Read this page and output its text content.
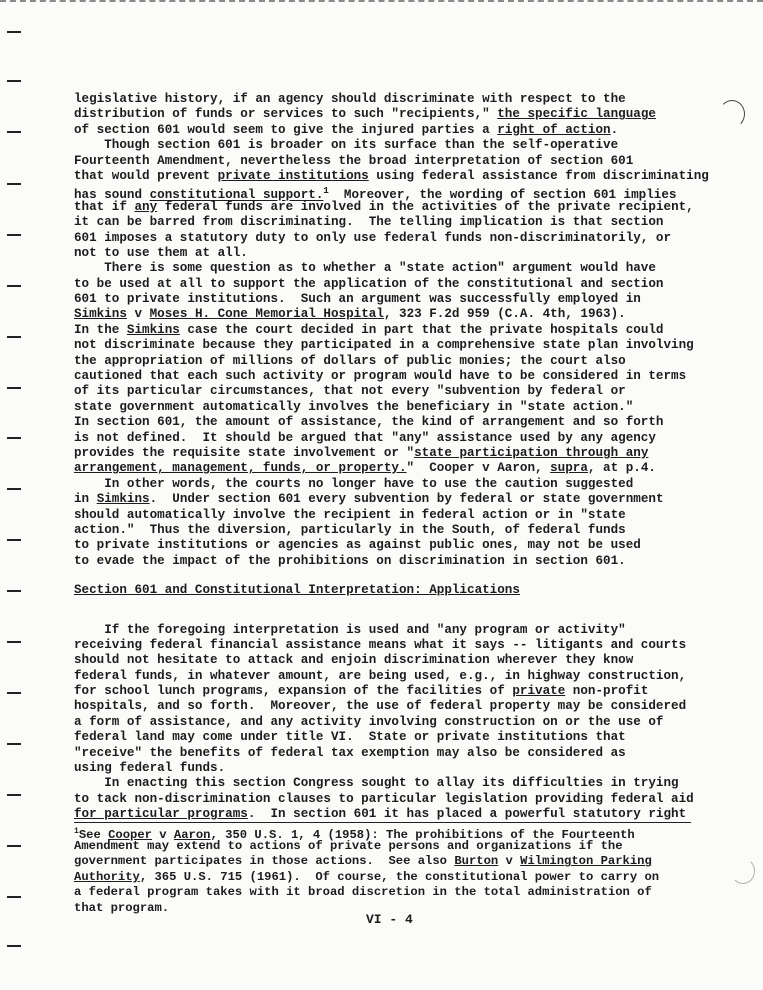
legislative history, if an agency should discriminate with respect to the
distribution of funds or services to such "recipients," the specific language
of section 601 would seem to give the injured parties a right of action.
Though section 601 is broader on its surface than the self-operative
Fourteenth Amendment, nevertheless the broad interpretation of section 601
that would prevent private institutions using federal assistance from discriminating
has sound constitutional support.$^1$  Moreover, the wording of section 601 implies
that if any federal funds are involved in the activities of the private recipient,
it can be barred from discriminating.  The telling implication is that section
601 imposes a statutory duty to only use federal funds non-discriminatorily, or
not to use them at all.
There is some question as to whether a "state action" argument would have
to be used at all to support the application of the constitutional and section
601 to private institutions.  Such an argument was successfully employed in
Simkins v Moses H. Cone Memorial Hospital, 323 F.2d 959 (C.A. 4th, 1963).
In the Simkins case the court decided in part that the private hospitals could
not discriminate because they participated in a comprehensive state plan involving
the appropriation of millions of dollars of public monies; the court also
cautioned that each such activity or program would have to be considered in terms
of its particular circumstances, that not every "subvention by federal or
state government automatically involves the beneficiary in "state action."
In section 601, the amount of assistance, the kind of arrangement and so forth
is not defined.  It should be argued that "any" assistance used by any agency
provides the requisite state involvement or "state participation through any
arrangement, management, funds, or property."  Cooper v Aaron, supra, at p.4.
In other words, the courts no longer have to use the caution suggested
in Simkins.  Under section 601 every subvention by federal or state government
should automatically involve the recipient in federal action or in "state
action."  Thus the diversion, particularly in the South, of federal funds
to private institutions or agencies as against public ones, may not be used
to evade the impact of the prohibitions on discrimination in section 601.
Section 601 and Constitutional Interpretation: Applications
If the foregoing interpretation is used and "any program or activity"
receiving federal financial assistance means what it says -- litigants and courts
should not hesitate to attack and enjoin discrimination wherever they know
federal funds, in whatever amount, are being used, e.g., in highway construction,
for school lunch programs, expansion of the facilities of private non-profit
hospitals, and so forth.  Moreover, the use of federal property may be considered
a form of assistance, and any activity involving construction on or the use of
federal land may come under title VI.  State or private institutions that
"receive" the benefits of federal tax exemption may also be considered as
using federal funds.
In enacting this section Congress sought to allay its difficulties in trying
to tack non-discrimination clauses to particular legislation providing federal aid
for particular programs.  In section 601 it has placed a powerful statutory right
$^1$See Cooper v Aaron, 350 U.S. 1, 4 (1958): The prohibitions of the Fourteenth
Amendment may extend to actions of private persons and organizations if the
government participates in those actions.  See also Burton v Wilmington Parking
Authority, 365 U.S. 715 (1961).  Of course, the constitutional power to carry on
a federal program takes with it broad discretion in the total administration of
that program.
VI - 4
